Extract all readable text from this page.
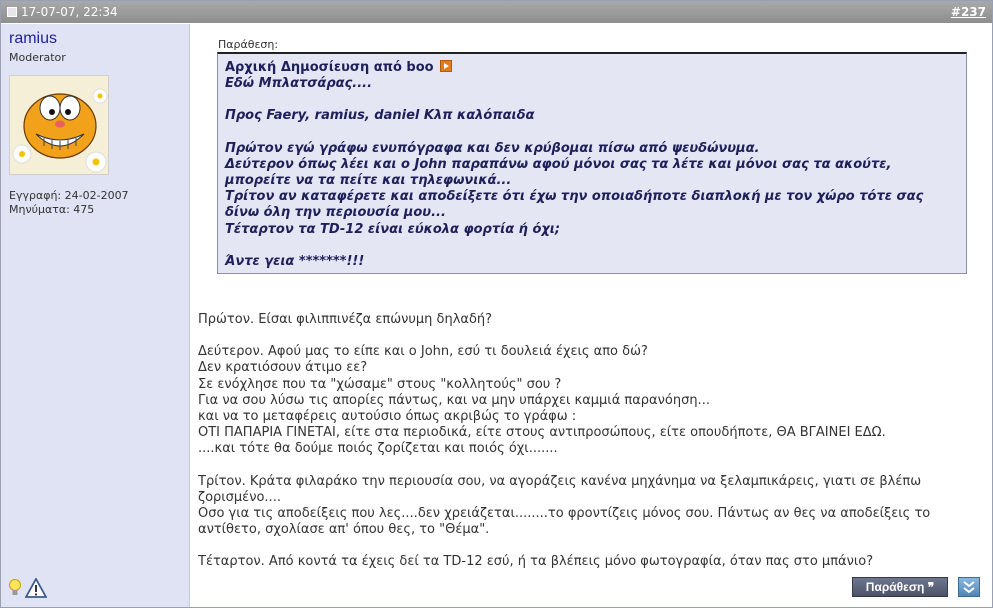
17-07-07, 22:34	#237
ramius
Moderator
Εγγραφή: 24-02-2007
Μηνύματα: 475
Παράθεση:

Αρχική Δημοσίευση από boo

Εδώ Μπλατσάρας....

Προς Faery, ramius, daniel Κλπ καλόπαιδα

Πρώτον εγώ γράφω ενυπόγραφα και δεν κρύβομαι πίσω από ψευδώνυμα.

Δεύτερον όπως λέει και ο John παραπάνω αφού μόνοι σας τα λέτε και μόνοι σας τα ακούτε, μπορείτε να τα πείτε και τηλεφωνικά...

Τρίτον αν καταφέρετε και αποδείξετε ότι έχω την οποιαδήποτε διαπλοκή με τον χώρο τότε σας δίνω όλη την περιουσία μου...

Τέταρτον τα TD-12 είναι εύκολα φορτία ή όχι;

Άντε γεια *******!!!

Πρώτον. Είσαι φιλιππινέζα επώνυμη δηλαδή?

Δεύτερον. Αφού μας το είπε και ο John, εσύ τι δουλειά έχεις απο δώ?

Δεν κρατιόσουν άτιμο εε?

Σε ενόχλησε που τα "χώσαμε" στους "κολλητούς" σου ?

Για να σου λύσω τις απορίες πάντως, και να μην υπάρχει καμμιά παρανόηση...

και να το μεταφέρεις αυτούσιο όπως ακριβώς το γράφω :

ΟΤΙ ΠΑΠΑΡΙΑ ΓΙΝΕΤΑΙ, είτε στα περιοδικά, είτε στους αντιπροσώπους, είτε οπουδήποτε, ΘΑ ΒΓΑΙΝΕΙ ΕΔΩ.

....και τότε θα δούμε ποιός ζορίζεται και ποιός όχι.......

Τρίτον. Κράτα φιλαράκο την περιουσία σου, να αγοράζεις κανένα μηχάνημα να ξελαμπικάρεις, γιατι σε βλέπω ζορισμένο....

Οσο για τις αποδείξεις που λες....δεν χρειάζεται........το φροντίζεις μόνος σου. Πάντως αν θες να αποδείξεις το αντίθετο, σχολίασε απ' όπου θες, το "Θέμα".

Τέταρτον. Από κοντά τα έχεις δεί τα TD-12 εσύ, ή τα βλέπεις μόνο φωτογραφία, όταν πας στο μπάνιο?

Παράθεση ❞
